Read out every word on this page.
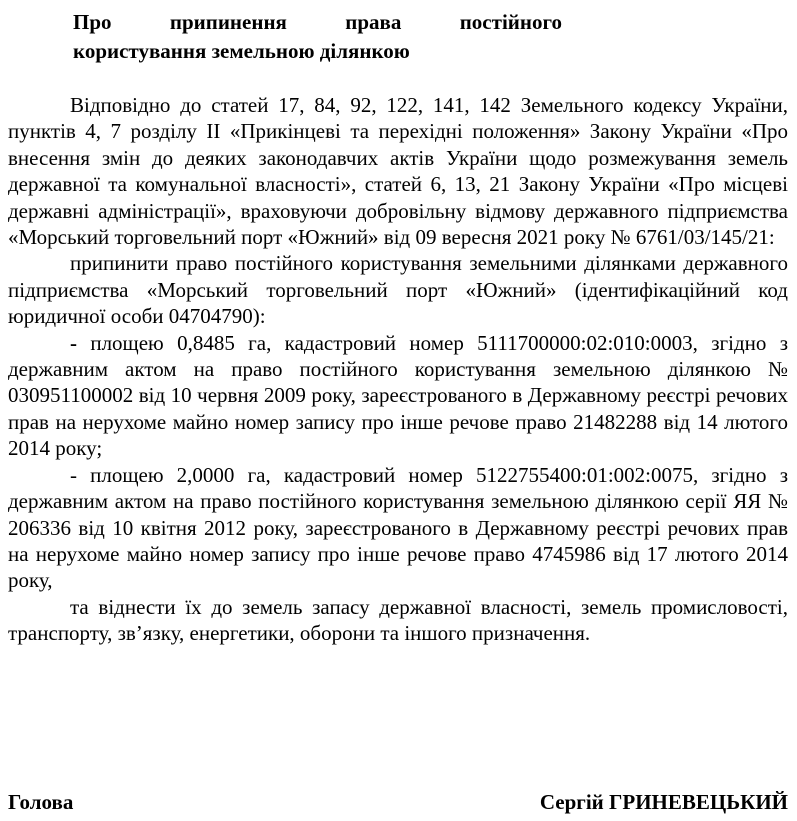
Про припинення права постійного
користування земельною ділянкою

Відповідно до статей 17, 84, 92, 122, 141, 142 Земельного кодексу України, пунктів 4, 7 розділу ІІ «Прикінцеві та перехідні положення» Закону України «Про внесення змін до деяких законодавчих актів України щодо розмежування земель державної та комунальної власності», статей 6, 13, 21 Закону України «Про місцеві державні адміністрації», враховуючи добровільну відмову державного підприємства «Морський торговельний порт «Южний» від 09 вересня 2021 року № 6761/03/145/21:

припинити право постійного користування земельними ділянками державного підприємства «Морський торговельний порт «Южний» (ідентифікаційний код юридичної особи 04704790):

- площею 0,8485 га, кадастровий номер 5111700000:02:010:0003, згідно з державним актом на право постійного користування земельною ділянкою № 030951100002 від 10 червня 2009 року, зареєстрованого в Державному реєстрі речових прав на нерухоме майно номер запису про інше речове право 21482288 від 14 лютого 2014 року;

- площею 2,0000 га, кадастровий номер 5122755400:01:002:0075, згідно з державним актом на право постійного користування земельною ділянкою серії ЯЯ № 206336 від 10 квітня 2012 року, зареєстрованого в Державному реєстрі речових прав на нерухоме майно номер запису про інше речове право 4745986 від 17 лютого 2014 року,

та віднести їх до земель запасу державної власності, земель промисловості, транспорту, зв’язку, енергетики, оборони та іншого призначення.

Голова	Сергій ГРИНЕВЕЦЬКИЙ
